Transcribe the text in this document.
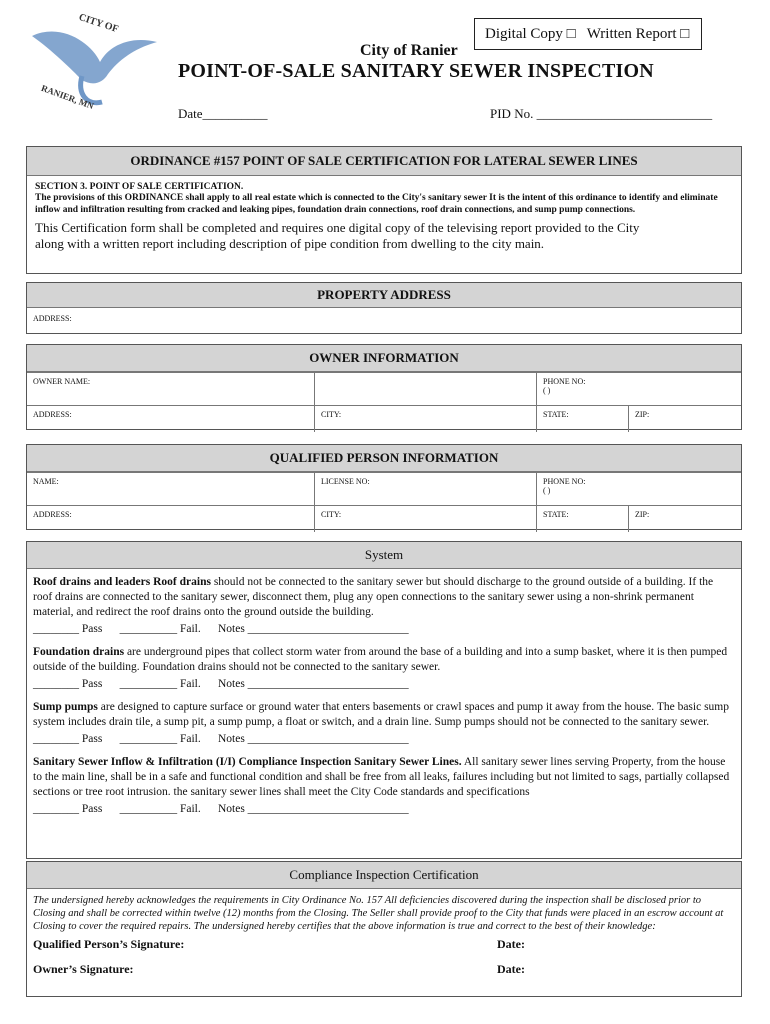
CITY OF
RANIER, MN
Digital Copy □ Written Report □
City of Ranier
POINT-OF-SALE SANITARY SEWER INSPECTION
Date__________	PID No. ___________________________
ORDINANCE #157 POINT OF SALE CERTIFICATION FOR LATERAL SEWER LINES
SECTION 3. POINT OF SALE CERTIFICATION.
The provisions of this ORDINANCE shall apply to all real estate which is connected to the City's sanitary sewer It is the intent of this ordinance to identify and eliminate inflow and infiltration resulting from cracked and leaking pipes, foundation drain connections, roof drain connections, and sump pump connections.
This Certification form shall be completed and requires one digital copy of the televising report provided to the City
along with a written report including description of pipe condition from dwelling to the city main.
PROPERTY ADDRESS
ADDRESS:
OWNER INFORMATION
OWNER NAME:	PHONE NO:
( )
ADDRESS:	CITY:	STATE:	ZIP:
QUALIFIED PERSON INFORMATION
NAME:	LICENSE NO:	PHONE NO:
( )
ADDRESS:	CITY:	STATE:	ZIP:
System
Roof drains and leaders Roof drains should not be connected to the sanitary sewer but should discharge to the ground outside of a building. If the roof drains are connected to the sanitary sewer, disconnect them, plug any open connections to the sanitary sewer using a non-shrink permanent material, and redirect the roof drains onto the ground outside the building.
________ Pass __________ Fail. Notes ____________________________
Foundation drains are underground pipes that collect storm water from around the base of a building and into a sump basket, where it is then pumped outside of the building. Foundation drains should not be connected to the sanitary sewer.
________ Pass __________ Fail. Notes ____________________________
Sump pumps are designed to capture surface or ground water that enters basements or crawl spaces and pump it away from the house. The basic sump system includes drain tile, a sump pit, a sump pump, a float or switch, and a drain line. Sump pumps should not be connected to the sanitary sewer.
________ Pass __________ Fail. Notes ____________________________
Sanitary Sewer Inflow & Infiltration (I/I) Compliance Inspection Sanitary Sewer Lines. All sanitary sewer lines serving Property, from the house to the main line, shall be in a safe and functional condition and shall be free from all leaks, failures including but not limited to sags, partially collapsed sections or tree root intrusion. the sanitary sewer lines shall meet the City Code standards and specifications
________ Pass __________ Fail. Notes ____________________________
Compliance Inspection Certification
The undersigned hereby acknowledges the requirements in City Ordinance No. 157 All deficiencies discovered during the inspection shall be disclosed prior to Closing and shall be corrected within twelve (12) months from the Closing. The Seller shall provide proof to the City that funds were placed in an escrow account at Closing to cover the required repairs. The undersigned hereby certifies that the above information is true and correct to the best of their knowledge:
Qualified Person’s Signature:	Date:
Owner’s Signature:	Date:
